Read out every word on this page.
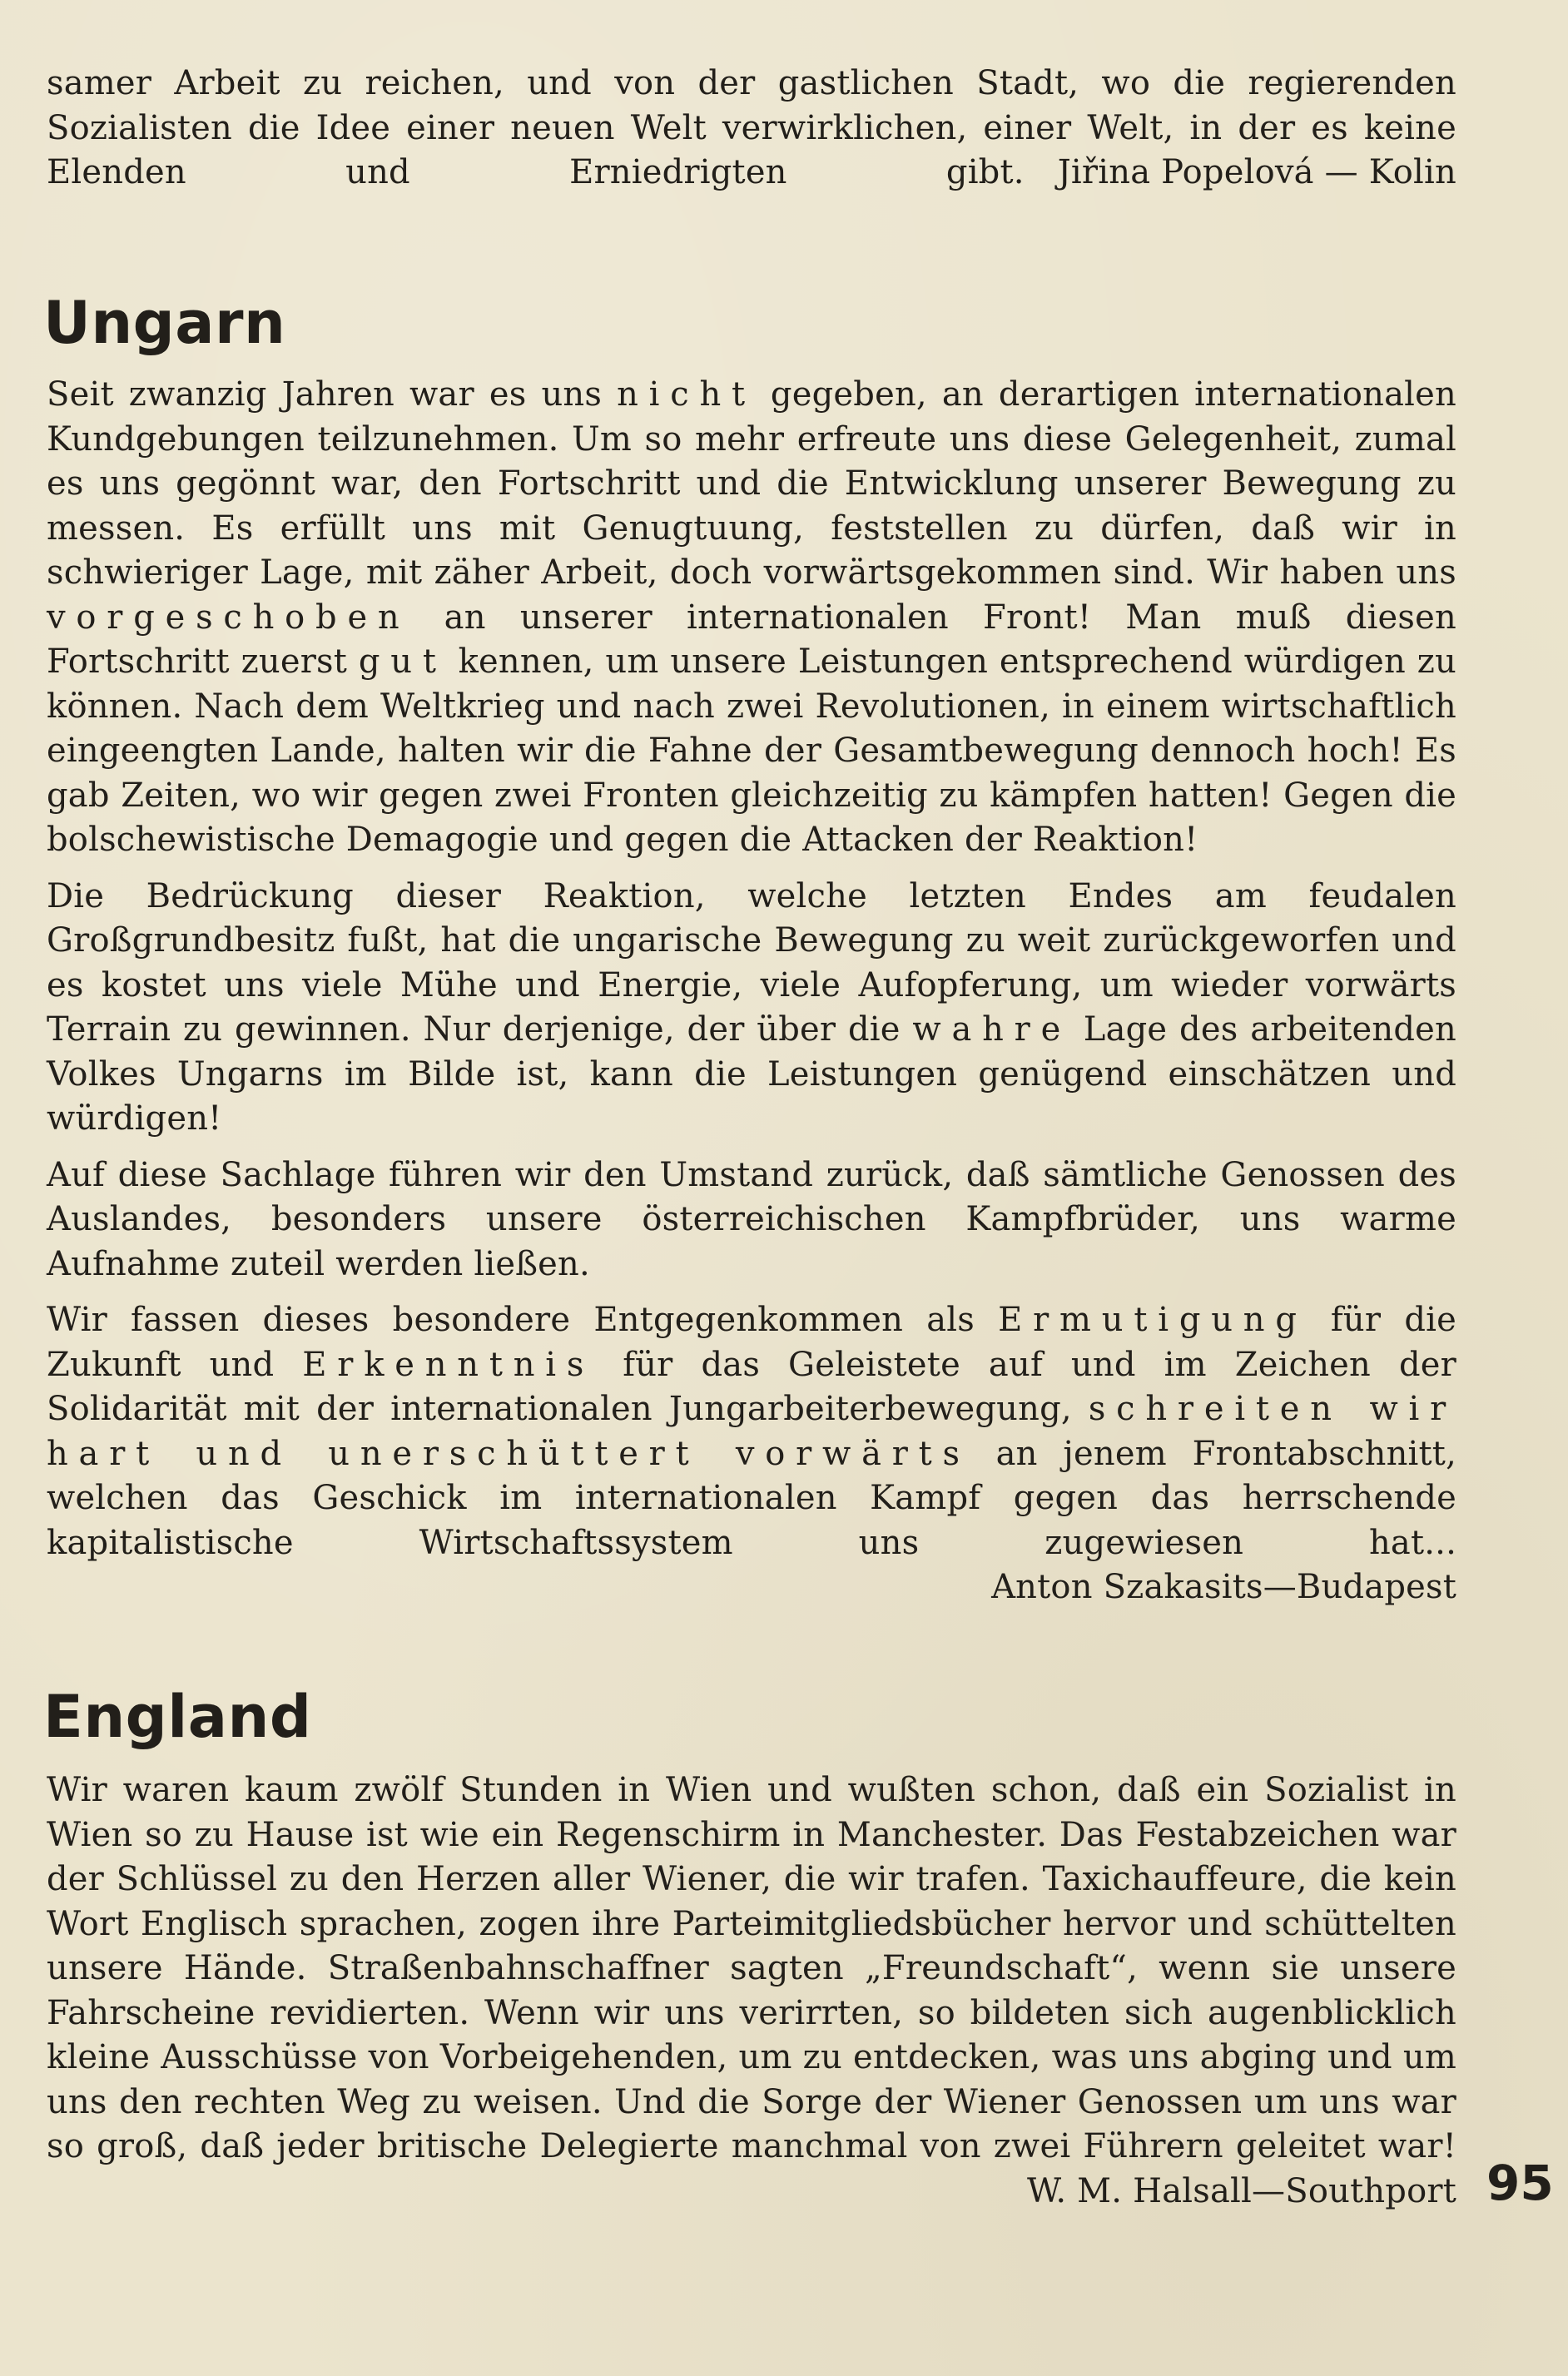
samer Arbeit zu reichen, und von der gastlichen Stadt, wo die regierenden Sozialisten die Idee einer neuen Welt verwirklichen, einer Welt, in der es keine Elenden und Erniedrigten gibt.	Jiřina Popelová — Kolin

Ungarn

Seit zwanzig Jahren war es uns nicht gegeben, an derartigen internationalen Kundgebungen teilzunehmen. Um so mehr erfreute uns diese Gelegenheit, zumal es uns gegönnt war, den Fortschritt und die Entwicklung unserer Bewegung zu messen. Es erfüllt uns mit Genugtuung, feststellen zu dürfen, daß wir in schwieriger Lage, mit zäher Arbeit, doch vorwärtsgekommen sind. Wir haben uns vorgeschoben an unserer internationalen Front! Man muß diesen Fortschritt zuerst gut kennen, um unsere Leistungen entsprechend würdigen zu können. Nach dem Weltkrieg und nach zwei Revolutionen, in einem wirtschaftlich eingeengten Lande, halten wir die Fahne der Gesamtbewegung dennoch hoch! Es gab Zeiten, wo wir gegen zwei Fronten gleichzeitig zu kämpfen hatten! Gegen die bolschewistische Demagogie und gegen die Attacken der Reaktion!

Die Bedrückung dieser Reaktion, welche letzten Endes am feudalen Großgrundbesitz fußt, hat die ungarische Bewegung zu weit zurückgeworfen und es kostet uns viele Mühe und Energie, viele Aufopferung, um wieder vorwärts Terrain zu gewinnen. Nur derjenige, der über die wahre Lage des arbeitenden Volkes Ungarns im Bilde ist, kann die Leistungen genügend einschätzen und würdigen!

Auf diese Sachlage führen wir den Umstand zurück, daß sämtliche Genossen des Auslandes, besonders unsere österreichischen Kampfbrüder, uns warme Aufnahme zuteil werden ließen.

Wir fassen dieses besondere Entgegenkommen als Ermutigung für die Zukunft und Erkenntnis für das Geleistete auf und im Zeichen der Solidarität mit der internationalen Jungarbeiterbewegung, schreiten wir hart und unerschüttert vorwärts an jenem Frontabschnitt, welchen das Geschick im internationalen Kampf gegen das herrschende kapitalistische Wirtschaftssystem uns zugewiesen hat...
Anton Szakasits—Budapest

England

Wir waren kaum zwölf Stunden in Wien und wußten schon, daß ein Sozialist in Wien so zu Hause ist wie ein Regenschirm in Manchester. Das Festabzeichen war der Schlüssel zu den Herzen aller Wiener, die wir trafen. Taxichauffeure, die kein Wort Englisch sprachen, zogen ihre Parteimitgliedsbücher hervor und schüttelten unsere Hände. Straßenbahnschaffner sagten „Freundschaft“, wenn sie unsere Fahrscheine revidierten. Wenn wir uns verirrten, so bildeten sich augenblicklich kleine Ausschüsse von Vorbeigehenden, um zu entdecken, was uns abging und um uns den rechten Weg zu weisen. Und die Sorge der Wiener Genossen um uns war so groß, daß jeder britische Delegierte manchmal von zwei Führern geleitet war!
W. M. Halsall—Southport 95
